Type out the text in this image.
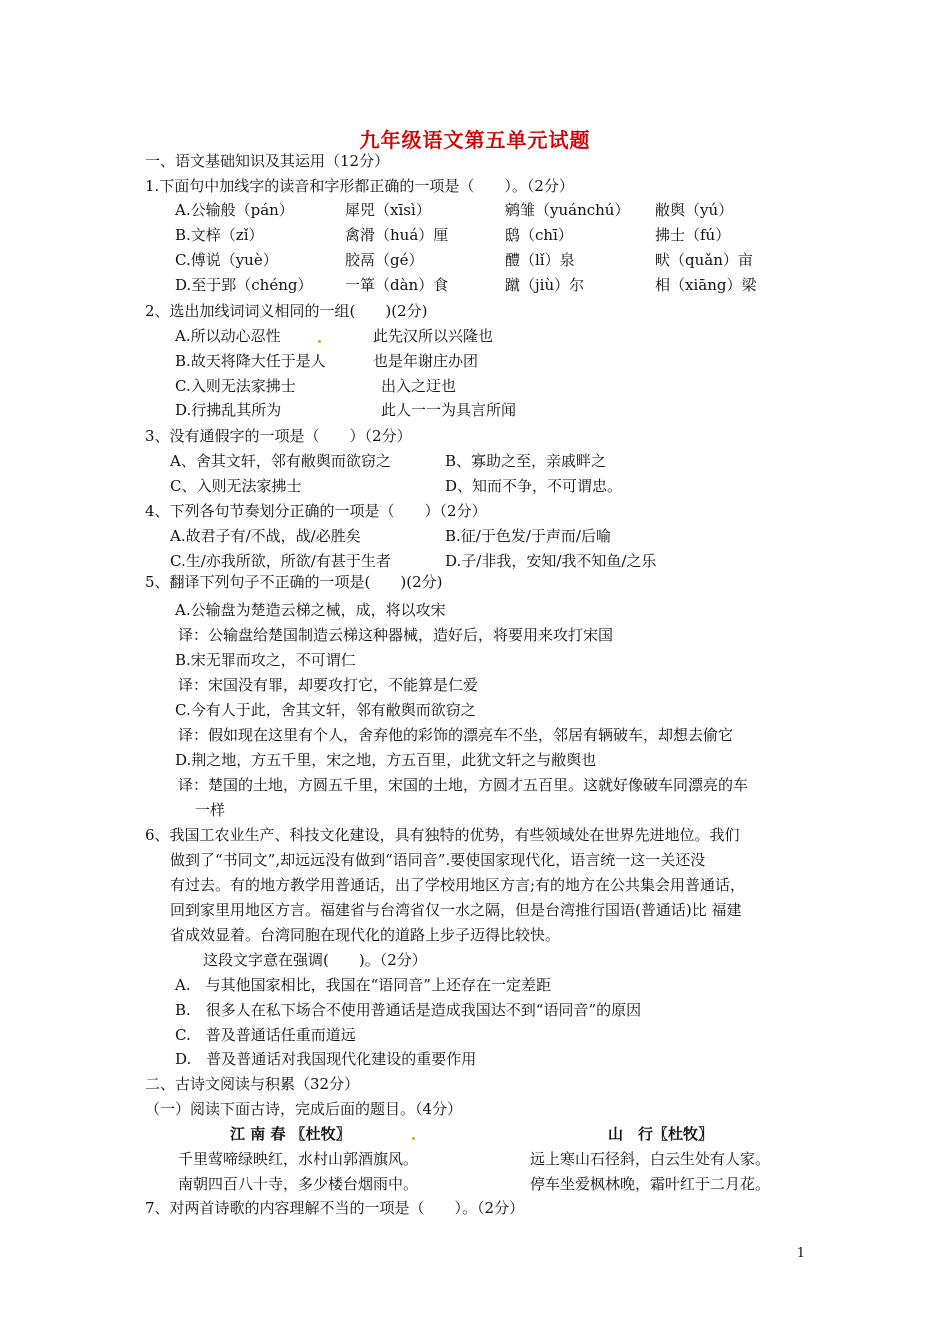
九年级语文第五单元试题
一、语文基础知识及其运用（12分）
1.下面句中加线字的读音和字形都正确的一项是（　　）。（2分）
A.公输般（pán）	犀兕（xīsì）	鹓雏（yuánchú） 敝舆（yú）
B.文梓（zǐ）	禽滑（huá）厘	鸱（chī）	拂士（fú）
C.傅说（yuè）	胶鬲（gé）	醴（lǐ）泉	畎（quǎn）亩
D.至于郢（chéng） 一箪（dàn）食	蹴（jiù）尔	相（xiāng）梁
2、选出加线词词义相同的一组(　　)(2分)
A.所以动心忍性	此先汉所以兴隆也
B.故天将降大任于是人	也是年谢庄办团
C.入则无法家拂士	出入之迂也
D.行拂乱其所为	此人一一为具言所闻
3、没有通假字的一项是（　　）（2分）
A、舍其文轩，邻有敝舆而欲窃之	B、寡助之至，亲戚畔之
C、入则无法家拂士	D、知而不争，不可谓忠。
4、下列各句节奏划分正确的一项是（　　）（2分）
A.故君子有/不战，战/必胜矣	B.征/于色发/于声而/后喻
C.生/亦我所欲，所欲/有甚于生者	D.子/非我，安知/我不知鱼/之乐
5、翻译下列句子不正确的一项是(　　)(2分)
A.公输盘为楚造云梯之械，成，将以攻宋
译：公输盘给楚国制造云梯这种器械，造好后，将要用来攻打宋国
B.宋无罪而攻之，不可谓仁
译：宋国没有罪，却要攻打它，不能算是仁爱
C.今有人于此，舍其文轩，邻有敝舆而欲窃之
译：假如现在这里有个人，舍弃他的彩饰的漂亮车不坐，邻居有辆破车，却想去偷它
D.荆之地，方五千里，宋之地，方五百里，此犹文轩之与敝舆也
译：楚国的土地，方圆五千里，宋国的土地，方圆才五百里。这就好像破车同漂亮的车
一样
6、我国工农业生产、科技文化建设，具有独特的优势，有些领域处在世界先进地位。我们
做到了“书同文”,却远远没有做到“语同音”.要使国家现代化，语言统一这一关还没
有过去。有的地方教学用普通话，出了学校用地区方言;有的地方在公共集会用普通话，
回到家里用地区方言。福建省与台湾省仅一水之隔，但是台湾推行国语(普通话)比 福建
省成效显着。台湾同胞在现代化的道路上步子迈得比较快。
这段文字意在强调(　　)。（2分）
A.　与其他国家相比，我国在“语同音”上还存在一定差距
B.　很多人在私下场合不使用普通话是造成我国达不到“语同音”的原因
C.　普及普通话任重而道远
D.　普及普通话对我国现代化建设的重要作用
二、古诗文阅读与积累（32分）
（一）阅读下面古诗，完成后面的题目。（4分）
江 南 春 〖杜牧〗	山　行〖杜牧〗
千里莺啼绿映红，水村山郭酒旗风。	远上寒山石径斜，白云生处有人家。
南朝四百八十寺，多少楼台烟雨中。	停车坐爱枫林晚，霜叶红于二月花。
7、对两首诗歌的内容理解不当的一项是（　　）。（2分）
1
